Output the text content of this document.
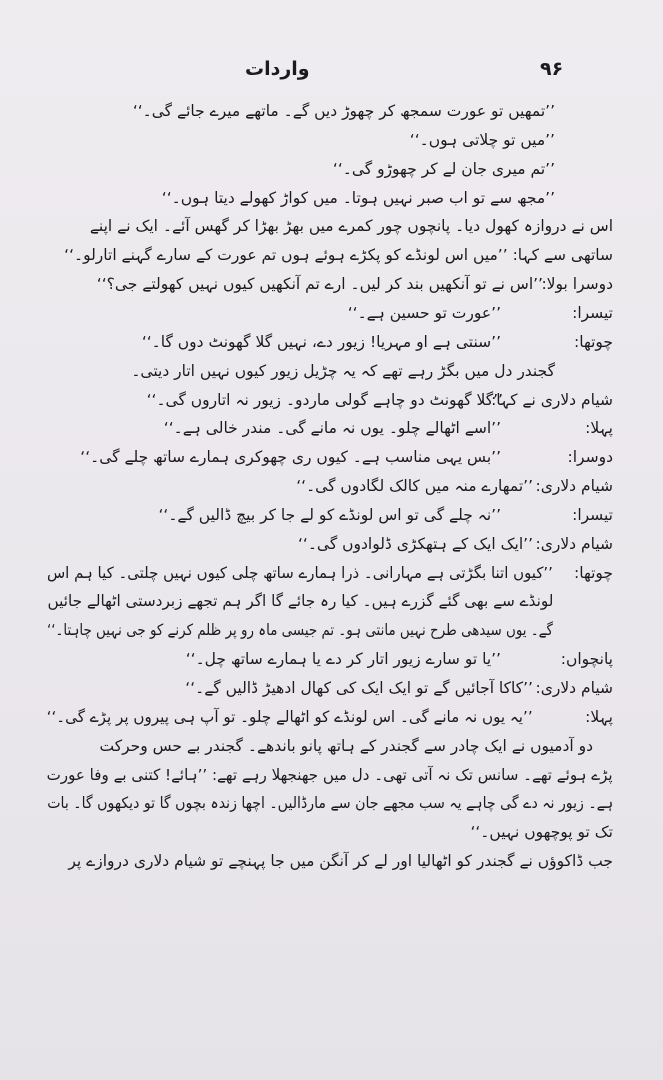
۹۶
واردات
’’تمھیں تو عورت سمجھ کر چھوڑ دیں گے۔ ماتھے میرے جائے گی۔‘‘
’’میں تو چلاتی ہوں۔‘‘
’’تم میری جان لے کر چھوڑو گی۔‘‘
’’مجھ سے تو اب صبر نہیں ہوتا۔ میں کواڑ کھولے دیتا ہوں۔‘‘
اس نے دروازہ کھول دیا۔ پانچوں چور کمرے میں بھڑ بھڑا کر گھس آئے۔ ایک نے اپنے
ساتھی سے کہا: ’’میں اس لونڈے کو پکڑے ہوئے ہوں تم عورت کے سارے گہنے اتارلو۔‘‘
دوسرا بولا:
’’اس نے تو آنکھیں بند کر لیں۔ ارے تم آنکھیں کیوں نہیں کھولتے جی؟‘‘
تیسرا:
’’عورت تو حسین ہے۔‘‘
چوتھا:
’’سنتی ہے او مہریا! زیور دے، نہیں گلا گھونٹ دوں گا۔‘‘
گجندر دل میں بگڑ رہے تھے کہ یہ چڑیل زیور کیوں نہیں اتار دیتی۔
شیام دلاری نے کہا:
’’گلا گھونٹ دو چاہے گولی ماردو۔ زیور نہ اتاروں گی۔‘‘
پہلا:
’’اسے اٹھالے چلو۔ یوں نہ مانے گی۔ مندر خالی ہے۔‘‘
دوسرا:
’’بس یہی مناسب ہے۔ کیوں ری چھوکری ہمارے ساتھ چلے گی۔‘‘
شیام دلاری:
’’تمھارے منہ میں کالک لگادوں گی۔‘‘
تیسرا:
’’نہ چلے گی تو اس لونڈے کو لے جا کر بیچ ڈالیں گے۔‘‘
شیام دلاری:
’’ایک ایک کے ہتھکڑی ڈلوادوں گی۔‘‘
چوتھا:
’’کیوں اتنا بگڑتی ہے مہارانی۔ ذرا ہمارے ساتھ چلی کیوں نہیں چلتی۔ کیا ہم اس
لونڈے سے بھی گئے گزرے ہیں۔ کیا رہ جائے گا اگر ہم تجھے زبردستی اٹھالے جائیں
گے۔ یوں سیدھی طرح نہیں مانتی ہو۔ تم جیسی ماہ رو پر ظلم کرنے کو جی نہیں چاہتا۔‘‘
پانچواں:
’’یا تو سارے زیور اتار کر دے یا ہمارے ساتھ چل۔‘‘
شیام دلاری:
’’کاکا آجائیں گے تو ایک ایک کی کھال ادھیڑ ڈالیں گے۔‘‘
پہلا:
’’یہ یوں نہ مانے گی۔ اس لونڈے کو اٹھالے چلو۔ تو آپ ہی پیروں پر پڑے گی۔‘‘
دو آدمیوں نے ایک چادر سے گجندر کے ہاتھ پانو باندھے۔ گجندر بے حس وحرکت
پڑے ہوئے تھے۔ سانس تک نہ آتی تھی۔ دل میں جھنجھلا رہے تھے: ’’ہائے! کتنی بے وفا عورت
ہے۔ زیور نہ دے گی چاہے یہ سب مجھے جان سے مارڈالیں۔ اچھا زندہ بچوں گا تو دیکھوں گا۔ بات
تک تو پوچھوں نہیں۔‘‘
جب ڈاکوؤں نے گجندر کو اٹھالیا اور لے کر آنگن میں جا پہنچے تو شیام دلاری دروازے پر
